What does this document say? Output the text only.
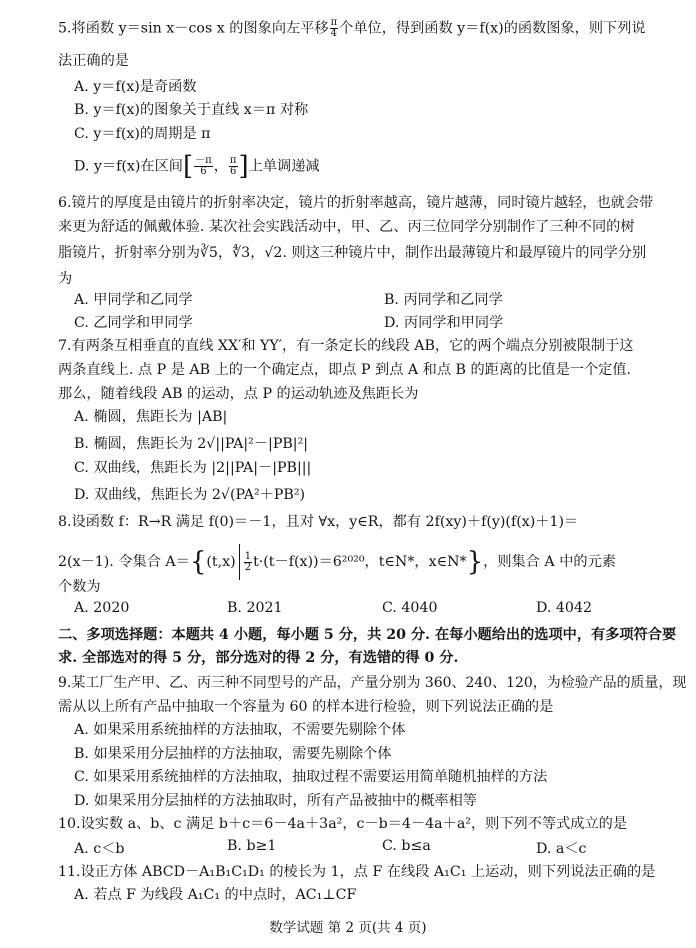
5.将函数 y＝sin x－cos x 的图象向左平移 $\frac{\pi}{4}$ 个单位，得到函数 y＝f(x)的函数图象，则下列说
法正确的是
A. y＝f(x)是奇函数
B. y＝f(x)的图象关于直线 x＝π 对称
C. y＝f(x)的周期是 π
D. y＝f(x)在区间[ $\frac{-\pi}{6}$ ， $\frac{\pi}{6}$ ]上单调递减
6.镜片的厚度是由镜片的折射率决定，镜片的折射率越高，镜片越薄，同时镜片越轻，也就会带
来更为舒适的佩戴体验. 某次社会实践活动中，甲、乙、丙三位同学分别制作了三种不同的树
脂镜片，折射率分别为∛5，∜3，√2. 则这三种镜片中，制作出最薄镜片和最厚镜片的同学分别
为
A. 甲同学和乙同学	B. 丙同学和乙同学
C. 乙同学和甲同学	D. 丙同学和甲同学
7.有两条互相垂直的直线 XX′和 YY′，有一条定长的线段 AB，它的两个端点分别被限制于这
两条直线上. 点 P 是 AB 上的一个确定点，即点 P 到点 A 和点 B 的距离的比值是一个定值.
那么，随着线段 AB 的运动，点 P 的运动轨迹及焦距长为
A. 椭圆，焦距长为 |AB|
B. 椭圆，焦距长为 2√||PA|²－|PB|²|
C. 双曲线，焦距长为 |2||PA|－|PB|||
D. 双曲线，焦距长为 2√(PA²＋PB²)
8.设函数 f：R→R 满足 f(0)＝－1，且对 ∀x，y∈R，都有 2f(xy)＋f(y)(f(x)＋1)＝
2(x－1). 令集合 $A=\{(t,x) \frac{1}{2} t\cdot(t-f(x))=6^{2020}$，t∈N*，x∈N*}，则集合 A 中的元素
个数为
A. 2020	B. 2021	C. 4040	D. 4042
二、多项选择题：本题共 4 小题，每小题 5 分，共 20 分. 在每小题给出的选项中，有多项符合要
求. 全部选对的得 5 分，部分选对的得 2 分，有选错的得 0 分.
9.某工厂生产甲、乙、丙三种不同型号的产品，产量分别为 360、240、120，为检验产品的质量，现
需从以上所有产品中抽取一个容量为 60 的样本进行检验，则下列说法正确的是
A. 如果采用系统抽样的方法抽取，不需要先剔除个体
B. 如果采用分层抽样的方法抽取，需要先剔除个体
C. 如果采用系统抽样的方法抽取，抽取过程不需要运用简单随机抽样的方法
D. 如果采用分层抽样的方法抽取时，所有产品被抽中的概率相等
10.设实数 a、b、c 满足 b＋c＝6－4a＋3a²，c－b＝4－4a＋a²，则下列不等式成立的是
A. c＜b	B. b≥1	C. b≤a	D. a＜c
11.设正方体 ABCD－A₁B₁C₁D₁ 的棱长为 1，点 F 在线段 A₁C₁ 上运动，则下列说法正确的是
A. 若点 F 为线段 A₁C₁ 的中点时，AC₁⊥CF
数学试题 第 2 页(共 4 页)
